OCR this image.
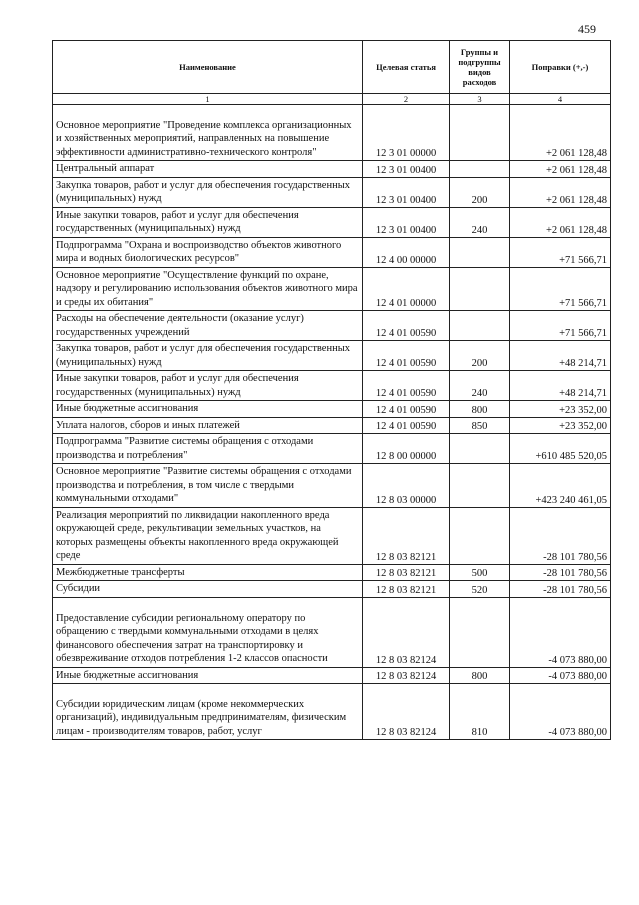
459
Наименование	Целевая статья	Группы и подгруппы видов расходов	Поправки (+,-)
1	2	3	4
Основное мероприятие "Проведение комплекса организационных и хозяйственных мероприятий, направленных на повышение эффективности административно-технического контроля"	12 3 01 00000		+2 061 128,48
Центральный аппарат	12 3 01 00400		+2 061 128,48
Закупка товаров, работ и услуг для обеспечения государственных (муниципальных) нужд	12 3 01 00400	200	+2 061 128,48
Иные закупки товаров, работ и услуг для обеспечения государственных (муниципальных) нужд	12 3 01 00400	240	+2 061 128,48
Подпрограмма "Охрана и воспроизводство объектов животного мира и водных биологических ресурсов"	12 4 00 00000		+71 566,71
Основное мероприятие "Осуществление функций по охране, надзору и регулированию использования объектов животного мира и среды их обитания"	12 4 01 00000		+71 566,71
Расходы на обеспечение деятельности (оказание услуг) государственных учреждений	12 4 01 00590		+71 566,71
Закупка товаров, работ и услуг для обеспечения государственных (муниципальных) нужд	12 4 01 00590	200	+48 214,71
Иные закупки товаров, работ и услуг для обеспечения государственных (муниципальных) нужд	12 4 01 00590	240	+48 214,71
Иные бюджетные ассигнования	12 4 01 00590	800	+23 352,00
Уплата налогов, сборов и иных платежей	12 4 01 00590	850	+23 352,00
Подпрограмма "Развитие системы обращения с отходами производства и потребления"	12 8 00 00000		+610 485 520,05
Основное мероприятие "Развитие системы обращения с отходами производства и потребления, в том числе с твердыми коммунальными отходами"	12 8 03 00000		+423 240 461,05
Реализация мероприятий по ликвидации накопленного вреда окружающей среде, рекультивации земельных участков, на которых размещены объекты накопленного вреда окружающей среде	12 8 03 82121		-28 101 780,56
Межбюджетные трансферты	12 8 03 82121	500	-28 101 780,56
Субсидии	12 8 03 82121	520	-28 101 780,56
Предоставление субсидии региональному оператору по обращению с твердыми коммунальными отходами в целях финансового обеспечения затрат на транспортировку и обезвреживание отходов потребления 1-2 классов опасности	12 8 03 82124		-4 073 880,00
Иные бюджетные ассигнования	12 8 03 82124	800	-4 073 880,00
Субсидии юридическим лицам (кроме некоммерческих организаций), индивидуальным предпринимателям, физическим лицам - производителям товаров, работ, услуг	12 8 03 82124	810	-4 073 880,00
